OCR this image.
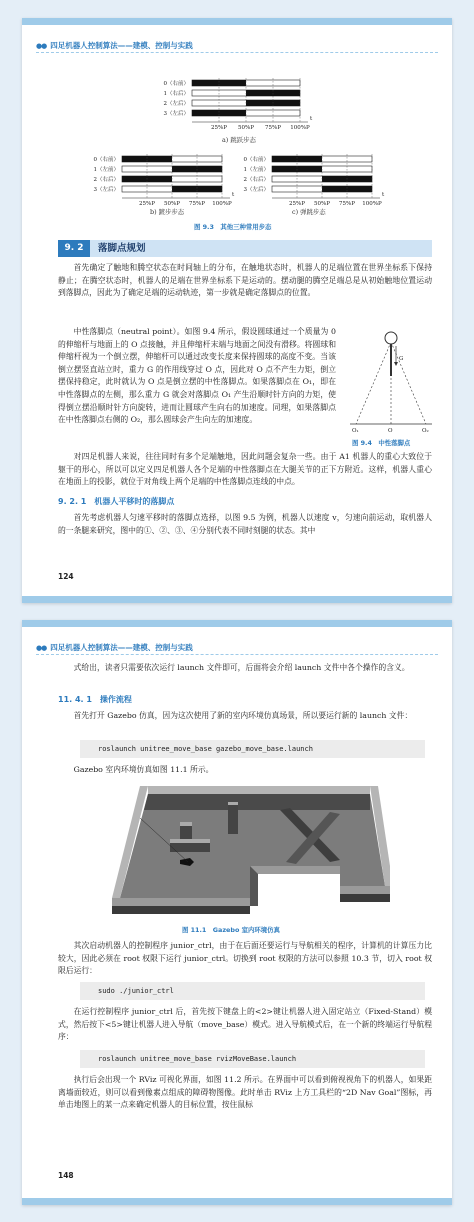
●● 四足机器人控制算法——建模、控制与实践
0（右前）
1（右后）
2（左后）
3（左后）
t
25%P 50%P 75%P 100%P
0（右前）
1（左前）
2（右后）
3（左后）
t
25%P 50%P 75%P 100%P
0（右前）
1（左前）
2（右后）
3（左后）
t
25%P 50%P 75%P 100%P
a) 跳跃步态
b) 踱步步态	c) 弹跳步态
图 9.3　其他三种常用步态
9. 2	落脚点规划
首先确定了触地和腾空状态在时间轴上的分布，在触地状态时，机器人的足端位置在世界坐标系下保持静止；在腾空状态时，机器人的足端在世界坐标系下是运动的。摆动腿的腾空足端总是从初始触地位置运动到落脚点，因此为了确定足端的运动轨迹，第一步就是确定落脚点的位置。
中性落脚点（neutral point）。如图 9.4 所示，假设圆球通过一个质量为 0 的伸缩杆与地面上的 O 点接触，并且伸缩杆末端与地面之间没有滑移。将圆球和伸缩杆视为一个倒立摆，伸缩杆可以通过改变长度来保持圆球的高度不变。当该倒立摆竖直站立时，重力 G 的作用线穿过 O 点，因此对 O 点不产生力矩，倒立摆保持稳定，此时就认为 O 点是倒立摆的中性落脚点。如果落脚点在 O₁，即在中性落脚点的左侧，那么重力 G 就会对落脚点 O₁ 产生沿顺时针方向的力矩，使得倒立摆沿顺时针方向旋转，进而让圆球产生向右的加速度。同理，如果落脚点在中性落脚点右侧的 O₂，那么圆球会产生向左的加速度。
G
O₁	O	O₂
图 9.4　中性落脚点
对四足机器人来说，往往同时有多个足端触地，因此问题会复杂一些。由于 A1 机器人的重心大致位于躯干的形心，所以可以定义四足机器人各个足端的中性落脚点在大腿关节的正下方附近。这样，机器人重心在地面上的投影，就位于对角线上两个足端的中性落脚点连线的中点。
9. 2. 1　机器人平移时的落脚点
首先考虑机器人匀速平移时的落脚点选择，以图 9.5 为例，机器人以速度 v，匀速向前运动，取机器人的一条腿来研究，图中的①、②、③、④分别代表不同时刻腿的状态。其中
124
●● 四足机器人控制算法——建模、控制与实践
式给出，读者只需要依次运行 launch 文件即可，后面将会介绍 launch 文件中各个操作的含义。
11. 4. 1　操作流程
首先打开 Gazebo 仿真，因为这次使用了新的室内环境仿真场景，所以要运行新的 launch 文件：
roslaunch unitree_move_base gazebo_move_base.launch
Gazebo 室内环境仿真如图 11.1 所示。
图 11.1　Gazebo 室内环境仿真
其次启动机器人的控制程序 junior_ctrl，由于在后面还要运行与导航相关的程序，计算机的计算压力比较大，因此必须在 root 权限下运行 junior_ctrl。切换到 root 权限的方法可以参照 10.3 节，切入 root 权限后运行：
sudo ./junior_ctrl
在运行控制程序 junior_ctrl 后，首先按下键盘上的<2>键让机器人进入固定站立（Fixed-Stand）模式，然后按下<5>键让机器人进入导航（move_base）模式。进入导航模式后，在一个新的终端运行导航程序：
roslaunch unitree_move_base rvizMoveBase.launch
执行后会出现一个 RViz 可视化界面，如图 11.2 所示。在界面中可以看到俯视视角下的机器人，如果距离墙面较近，则可以看到像素点组成的障碍物图像。此时单击 RViz 上方工具栏的“2D Nav Goal”图标，再单击地图上的某一点来确定机器人的目标位置，按住鼠标
148
